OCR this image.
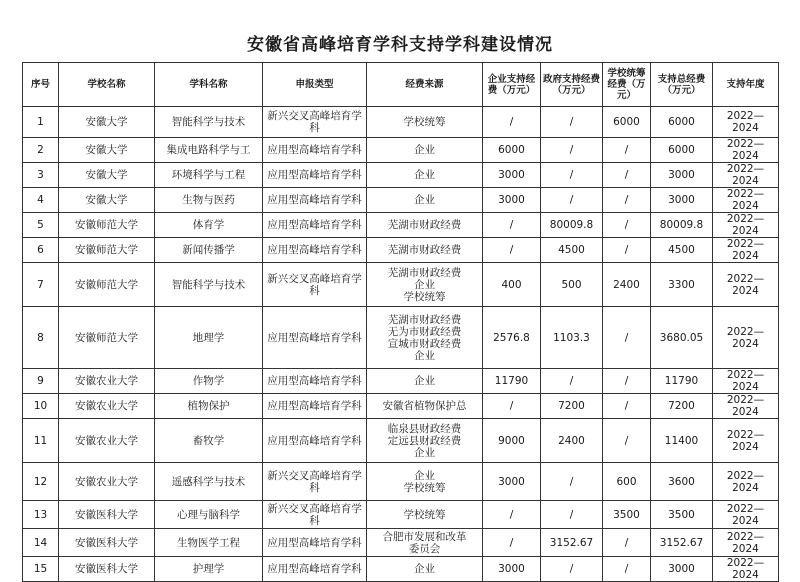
安徽省高峰培育学科支持学科建设情况
序号	学校名称	学科名称	申报类型	经费来源	企业支持经费（万元）	政府支持经费（万元）	学校统筹经费（万元）	支持总经费（万元）	支持年度
1	安徽大学	智能科学与技术	新兴交叉高峰培育学科	学校统筹	/	/	6000	6000	2022—2024
2	安徽大学	集成电路科学与工	应用型高峰培育学科	企业	6000	/	/	6000	2022—2024
3	安徽大学	环境科学与工程	应用型高峰培育学科	企业	3000	/	/	3000	2022—2024
4	安徽大学	生物与医药	应用型高峰培育学科	企业	3000	/	/	3000	2022—2024
5	安徽师范大学	体育学	应用型高峰培育学科	芜湖市财政经费	/	80009.8	/	80009.8	2022—2024
6	安徽师范大学	新闻传播学	应用型高峰培育学科	芜湖市财政经费	/	4500	/	4500	2022—2024
7	安徽师范大学	智能科学与技术	新兴交叉高峰培育学科	芜湖市财政经费
企业
学校统筹	400	500	2400	3300	2022—2024
8	安徽师范大学	地理学	应用型高峰培育学科	芜湖市财政经费
无为市财政经费
宣城市财政经费
企业	2576.8	1103.3	/	3680.05	2022—2024
9	安徽农业大学	作物学	应用型高峰培育学科	企业	11790	/	/	11790	2022—2024
10	安徽农业大学	植物保护	应用型高峰培育学科	安徽省植物保护总	/	7200	/	7200	2022—2024
11	安徽农业大学	畜牧学	应用型高峰培育学科	临泉县财政经费
定远县财政经费
企业	9000	2400	/	11400	2022—2024
12	安徽农业大学	遥感科学与技术	新兴交叉高峰培育学科	企业
学校统筹	3000	/	600	3600	2022—2024
13	安徽医科大学	心理与脑科学	新兴交叉高峰培育学科	学校统筹	/	/	3500	3500	2022—2024
14	安徽医科大学	生物医学工程	应用型高峰培育学科	合肥市发展和改革
委员会	/	3152.67	/	3152.67	2022—2024
15	安徽医科大学	护理学	应用型高峰培育学科	企业	3000	/	/	3000	2022—2024
